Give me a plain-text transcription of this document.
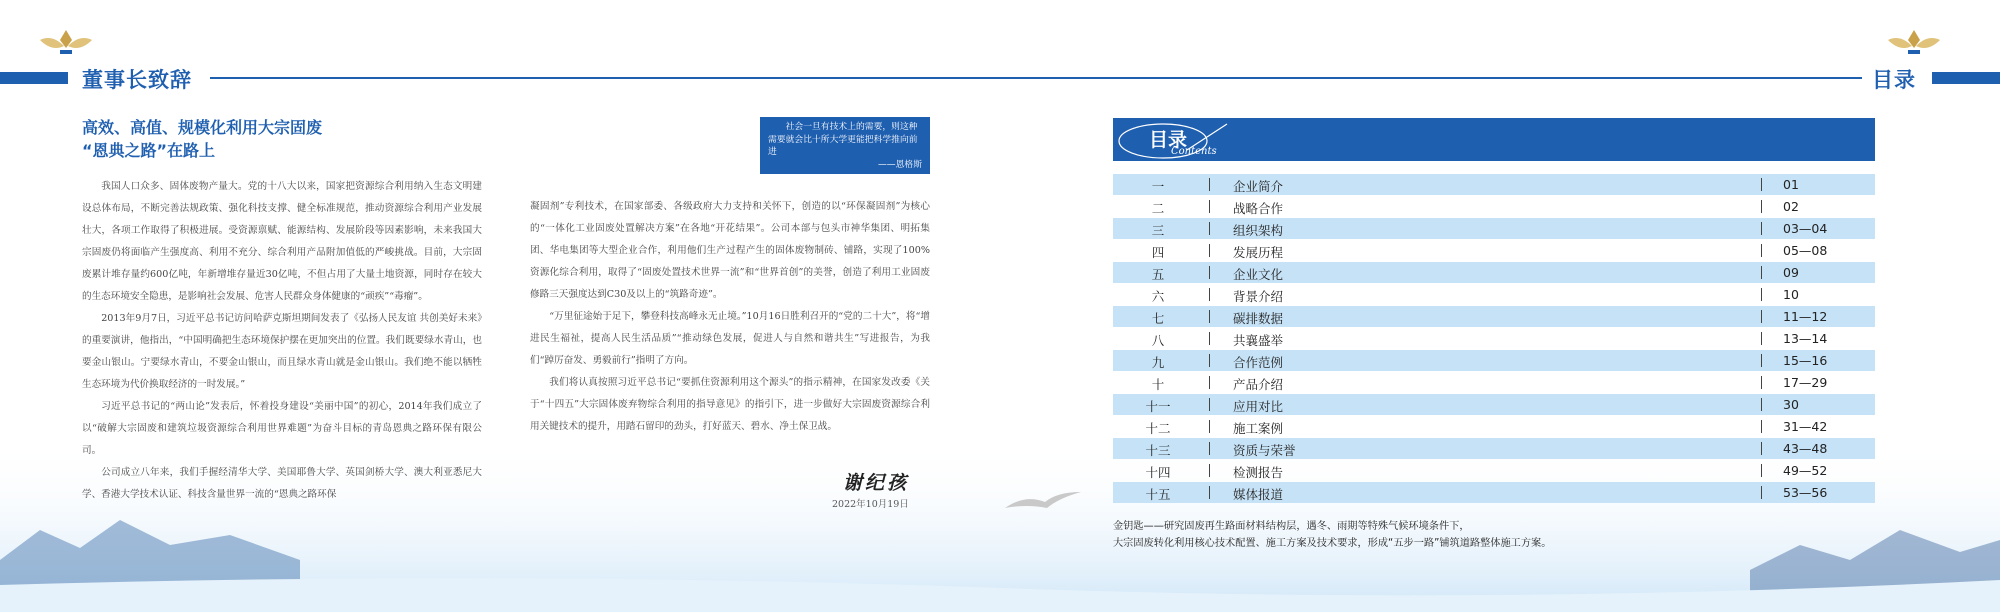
董事长致辞	目录
高效、高值、规模化利用大宗固废
“恩典之路”在路上

我国人口众多、固体废物产量大。党的十八大以来，国家把资源综合利用纳入生态文明建设总体布局，不断完善法规政策、强化科技支撑、健全标准规范，推动资源综合利用产业发展壮大，各项工作取得了积极进展。受资源禀赋、能源结构、发展阶段等因素影响，未来我国大宗固废仍将面临产生强度高、利用不充分、综合利用产品附加值低的严峻挑战。目前，大宗固废累计堆存量约600亿吨，年新增堆存量近30亿吨，不但占用了大量土地资源，同时存在较大的生态环境安全隐患，是影响社会发展、危害人民群众身体健康的“顽疾”“毒瘤”。

2013年9月7日，习近平总书记访问哈萨克斯坦期间发表了《弘扬人民友谊 共创美好未来》的重要演讲，他指出，“中国明确把生态环境保护摆在更加突出的位置。我们既要绿水青山，也要金山银山。宁要绿水青山，不要金山银山，而且绿水青山就是金山银山。我们绝不能以牺牲生态环境为代价换取经济的一时发展。”

习近平总书记的“两山论”发表后，怀着投身建设“美丽中国”的初心，2014年我们成立了以“破解大宗固废和建筑垃圾资源综合利用世界难题”为奋斗目标的青岛恩典之路环保有限公司。

公司成立八年来，我们手握经清华大学、美国耶鲁大学、英国剑桥大学、澳大利亚悉尼大学、香港大学技术认证、科技含量世界一流的“恩典之路环保

社会一旦有技术上的需要，则这种需要就会比十所大学更能把科学推向前进
——恩格斯

凝固剂”专利技术，在国家部委、各级政府大力支持和关怀下，创造的以“环保凝固剂”为核心的“一体化工业固废处置解决方案”在各地“开花结果”。公司本部与包头市神华集团、明拓集团、华电集团等大型企业合作，利用他们生产过程产生的固体废物制砖、铺路，实现了100%资源化综合利用，取得了“固废处置技术世界一流”和“世界首创”的美誉，创造了利用工业固废修路三天强度达到C30及以上的“筑路奇迹”。

“万里征途始于足下，攀登科技高峰永无止境。”10月16日胜利召开的“党的二十大”，将“增进民生福祉，提高人民生活品质”“推动绿色发展，促进人与自然和谐共生”写进报告，为我们“踔厉奋发、勇毅前行”指明了方向。

我们将认真按照习近平总书记“要抓住资源利用这个源头”的指示精神，在国家发改委《关于“十四五”大宗固体废弃物综合利用的指导意见》的指引下，进一步做好大宗固废资源综合利用关键技术的提升，用踏石留印的劲头，打好蓝天、碧水、净土保卫战。

谢纪孩
2022年10月19日
目录
Contents
一	企业简介	01
二	战略合作	02
三	组织架构	03—04
四	发展历程	05—08
五	企业文化	09
六	背景介绍	10
七	碳排数据	11—12
八	共襄盛举	13—14
九	合作范例	15—16
十	产品介绍	17—29
十一	应用对比	30
十二	施工案例	31—42
十三	资质与荣誉	43—48
十四	检测报告	49—52
十五	媒体报道	53—56
金钥匙——研究固废再生路面材料结构层，遇冬、雨期等特殊气候环境条件下，
大宗固废转化利用核心技术配置、施工方案及技术要求，形成“五步一路”铺筑道路整体施工方案。
